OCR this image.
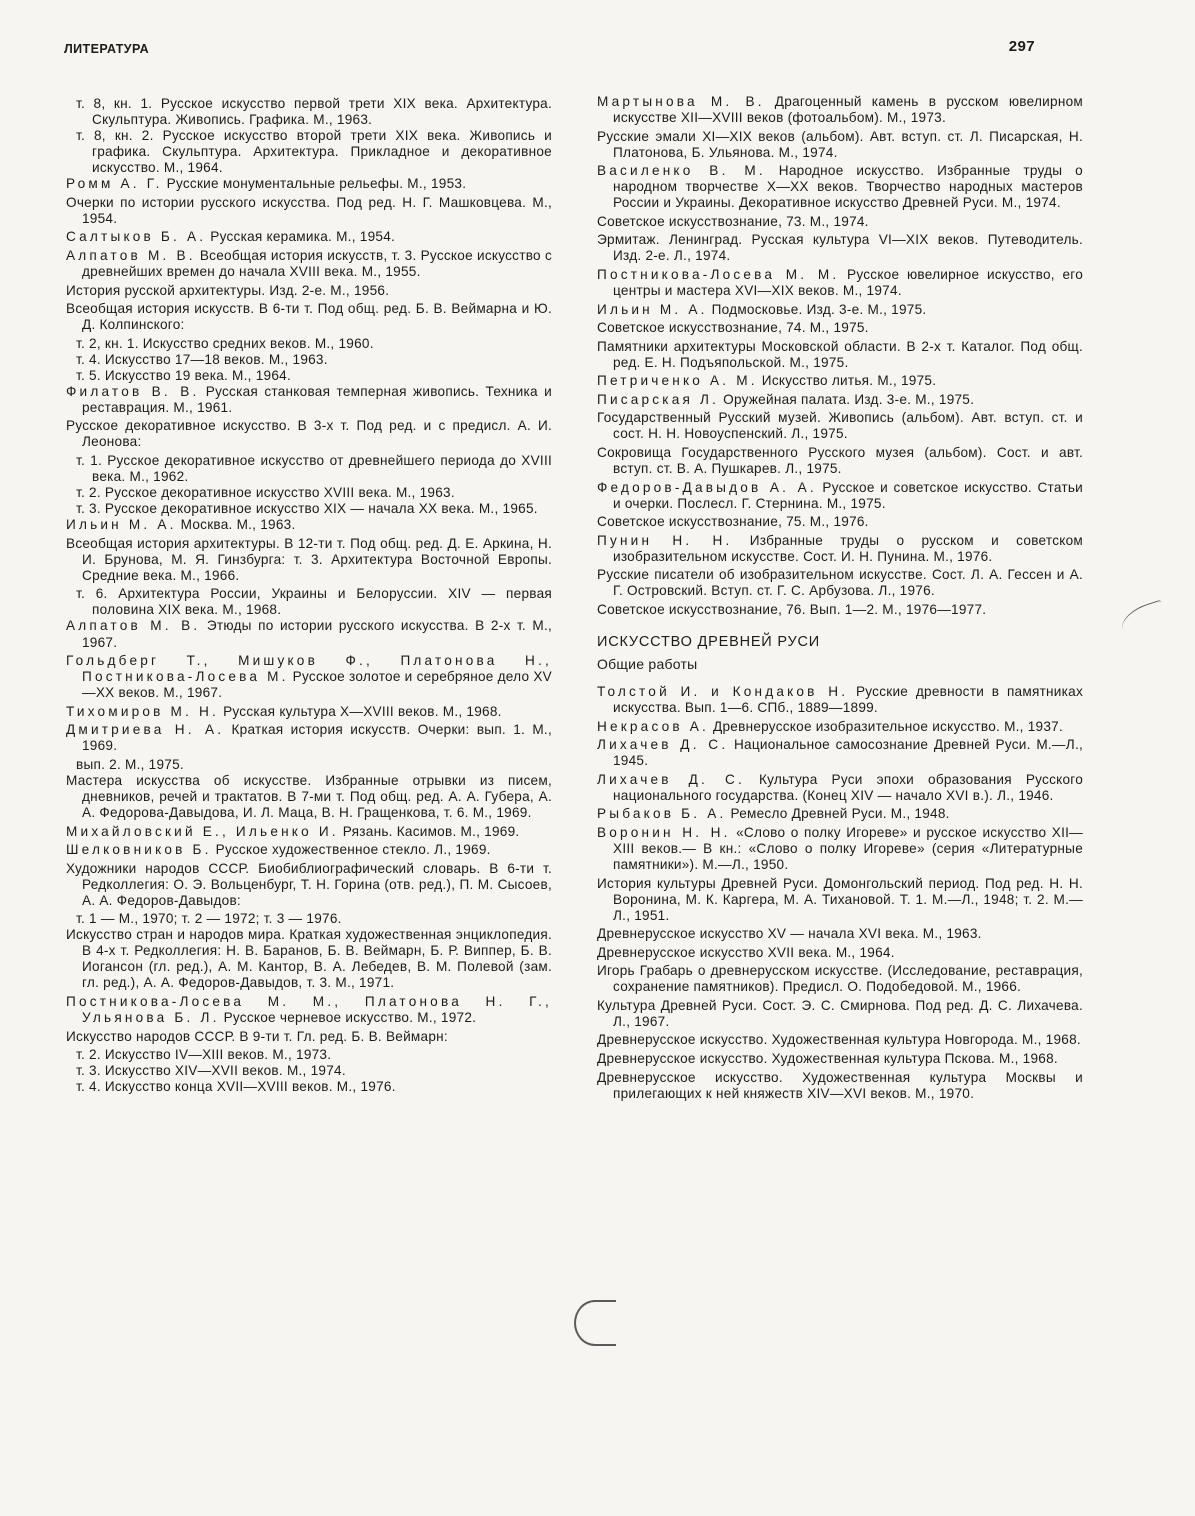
ЛИТЕРАТУРА	297
т. 8, кн. 1. Русское искусство первой трети XIX века. Архитектура. Скульптура. Живопись. Графика. М., 1963.
т. 8, кн. 2. Русское искусство второй трети XIX века. Живопись и графика. Скульптура. Архитектура. Прикладное и декоративное искусство. М., 1964.
Ромм А. Г. Русские монументальные рельефы. М., 1953.
Очерки по истории русского искусства. Под ред. Н. Г. Машковцева. М., 1954.
Салтыков Б. А. Русская керамика. М., 1954.
Алпатов М. В. Всеобщая история искусств, т. 3. Русское искусство с древнейших времен до начала XVIII века. М., 1955.
История русской архитектуры. Изд. 2-е. М., 1956.
Всеобщая история искусств. В 6-ти т. Под общ. ред. Б. В. Веймарна и Ю. Д. Колпинского:
т. 2, кн. 1. Искусство средних веков. М., 1960.
т. 4. Искусство 17—18 веков. М., 1963.
т. 5. Искусство 19 века. М., 1964.
Филатов В. В. Русская станковая темперная живопись. Техника и реставрация. М., 1961.
Русское декоративное искусство. В 3-х т. Под ред. и с предисл. А. И. Леонова:
т. 1. Русское декоративное искусство от древнейшего периода до XVIII века. М., 1962.
т. 2. Русское декоративное искусство XVIII века. М., 1963.
т. 3. Русское декоративное искусство XIX — начала XX века. М., 1965.
Ильин М. А. Москва. М., 1963.
Всеобщая история архитектуры. В 12-ти т. Под общ. ред. Д. Е. Аркина, Н. И. Брунова, М. Я. Гинзбурга: т. 3. Архитектура Восточной Европы. Средние века. М., 1966.
т. 6. Архитектура России, Украины и Белоруссии. XIV — первая половина XIX века. М., 1968.
Алпатов М. В. Этюды по истории русского искусства. В 2-х т. М., 1967.
Гольдберг Т., Мишуков Ф., Платонова Н., Постникова-Лосева М. Русское золотое и серебряное дело XV—XX веков. М., 1967.
Тихомиров М. Н. Русская культура X—XVIII веков. М., 1968.
Дмитриева Н. А. Краткая история искусств. Очерки: вып. 1. М., 1969.
вып. 2. М., 1975.
Мастера искусства об искусстве. Избранные отрывки из писем, дневников, речей и трактатов. В 7-ми т. Под общ. ред. А. А. Губера, А. А. Федорова-Давыдова, И. Л. Маца, В. Н. Гращенкова, т. 6. М., 1969.
Михайловский Е., Ильенко И. Рязань. Касимов. М., 1969.
Шелковников Б. Русское художественное стекло. Л., 1969.
Художники народов СССР. Биобиблиографический словарь. В 6-ти т. Редколлегия: О. Э. Вольценбург, Т. Н. Горина (отв. ред.), П. М. Сысоев, А. А. Федоров-Давыдов:
т. 1 — М., 1970; т. 2 — 1972; т. 3 — 1976.
Искусство стран и народов мира. Краткая художественная энциклопедия. В 4-х т. Редколлегия: Н. В. Баранов, Б. В. Веймарн, Б. Р. Виппер, Б. В. Иогансон (гл. ред.), А. М. Кантор, В. А. Лебедев, В. М. Полевой (зам. гл. ред.), А. А. Федоров-Давыдов, т. 3. М., 1971.
Постникова-Лосева М. М., Платонова Н. Г., Ульянова Б. Л. Русское черневое искусство. М., 1972.
Искусство народов СССР. В 9-ти т. Гл. ред. Б. В. Веймарн:
т. 2. Искусство IV—XIII веков. М., 1973.
т. 3. Искусство XIV—XVII веков. М., 1974.
т. 4. Искусство конца XVII—XVIII веков. М., 1976.
Мартынова М. В. Драгоценный камень в русском ювелирном искусстве XII—XVIII веков (фотоальбом). М., 1973.
Русские эмали XI—XIX веков (альбом). Авт. вступ. ст. Л. Писарская, Н. Платонова, Б. Ульянова. М., 1974.
Василенко В. М. Народное искусство. Избранные труды о народном творчестве X—XX веков. Творчество народных мастеров России и Украины. Декоративное искусство Древней Руси. М., 1974.
Советское искусствознание, 73. М., 1974.
Эрмитаж. Ленинград. Русская культура VI—XIX веков. Путеводитель. Изд. 2-е. Л., 1974.
Постникова-Лосева М. М. Русское ювелирное искусство, его центры и мастера XVI—XIX веков. М., 1974.
Ильин М. А. Подмосковье. Изд. 3-е. М., 1975.
Советское искусствознание, 74. М., 1975.
Памятники архитектуры Московской области. В 2-х т. Каталог. Под общ. ред. Е. Н. Подъяпольской. М., 1975.
Петриченко А. М. Искусство литья. М., 1975.
Писарская Л. Оружейная палата. Изд. 3-е. М., 1975.
Государственный Русский музей. Живопись (альбом). Авт. вступ. ст. и сост. Н. Н. Новоуспенский. Л., 1975.
Сокровища Государственного Русского музея (альбом). Сост. и авт. вступ. ст. В. А. Пушкарев. Л., 1975.
Федоров-Давыдов А. А. Русское и советское искусство. Статьи и очерки. Послесл. Г. Стернина. М., 1975.
Советское искусствознание, 75. М., 1976.
Пунин Н. Н. Избранные труды о русском и советском изобразительном искусстве. Сост. И. Н. Пунина. М., 1976.
Русские писатели об изобразительном искусстве. Сост. Л. А. Гессен и А. Г. Островский. Вступ. ст. Г. С. Арбузова. Л., 1976.
Советское искусствознание, 76. Вып. 1—2. М., 1976—1977.
ИСКУССТВО ДРЕВНЕЙ РУСИ
Общие работы
Толстой И. и Кондаков Н. Русские древности в памятниках искусства. Вып. 1—6. СПб., 1889—1899.
Некрасов А. Древнерусское изобразительное искусство. М., 1937.
Лихачев Д. С. Национальное самосознание Древней Руси. М.—Л., 1945.
Лихачев Д. С. Культура Руси эпохи образования Русского национального государства. (Конец XIV — начало XVI в.). Л., 1946.
Рыбаков Б. А. Ремесло Древней Руси. М., 1948.
Воронин Н. Н. «Слово о полку Игореве» и русское искусство XII—XIII веков.— В кн.: «Слово о полку Игореве» (серия «Литературные памятники»). М.—Л., 1950.
История культуры Древней Руси. Домонгольский период. Под ред. Н. Н. Воронина, М. К. Каргера, М. А. Тихановой. Т. 1. М.—Л., 1948; т. 2. М.—Л., 1951.
Древнерусское искусство XV — начала XVI века. М., 1963.
Древнерусское искусство XVII века. М., 1964.
Игорь Грабарь о древнерусском искусстве. (Исследование, реставрация, сохранение памятников). Предисл. О. Подобедовой. М., 1966.
Культура Древней Руси. Сост. Э. С. Смирнова. Под ред. Д. С. Лихачева. Л., 1967.
Древнерусское искусство. Художественная культура Новгорода. М., 1968.
Древнерусское искусство. Художественная культура Пскова. М., 1968.
Древнерусское искусство. Художественная культура Москвы и прилегающих к ней княжеств XIV—XVI веков. М., 1970.
